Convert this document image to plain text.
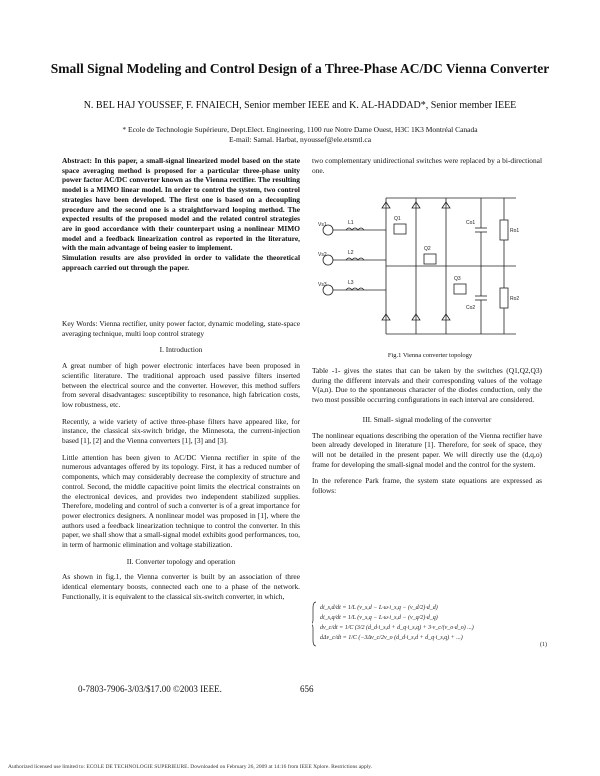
Small Signal Modeling and Control Design of a Three-Phase AC/DC Vienna Converter
N. BEL HAJ YOUSSEF, F. FNAIECH, Senior member IEEE and K. AL-HADDAD*, Senior member IEEE
* Ecole de Technologie Supérieure, Dept.Elect. Engineering, 1100 rue Notre Dame Ouest, H3C 1K3 Montréal Canada
E-mail: Samal. Harbat, nyoussef@ele.etsmtl.ca

Abstract: In this paper, a small-signal linearized model based on the state space averaging method is proposed for a particular three-phase unity power factor AC/DC converter known as the Vienna rectifier. The resulting model is a MIMO linear model. In order to control the system, two control strategies have been developed. The first one is based on a decoupling procedure and the second one is a straightforward looping method. The expected results of the proposed model and the related control strategies are in good accordance with their counterpart using a nonlinear MIMO model and a feedback linearization control as reported in the literature, with the main advantage of being easier to implement.

Simulation results are also provided in order to validate the theoretical approach carried out through the paper.

Key Words: Vienna rectifier, unity power factor, dynamic modeling, state-space averaging technique, multi loop control strategy

I. Introduction

A great number of high power electronic interfaces have been proposed in scientific literature. The traditional approach used passive filters inserted between the electrical source and the converter. However, this method suffers from several disadvantages: susceptibility to resonance, high fabrication costs, low robustness, etc.

Recently, a wide variety of active three-phase filters have appeared like, for instance, the classical six-switch bridge, the Minnesota, the current-injection based [1], [2] and the Vienna converters [1], [3] and [3].

Little attention has been given to AC/DC Vienna rectifier in spite of the numerous advantages offered by its topology. First, it has a reduced number of components, which may considerably decrease the complexity of structure and control. Second, the middle capacitive point limits the electrical constraints on the electronical devices, and provides two independent stabilized supplies. Therefore, modeling and control of such a converter is of a great importance for power electronics designers. A nonlinear model was proposed in [1], where the authors used a feedback linearization technique to control the converter. In this paper, we shall show that a small-signal model exhibits good performances, too, in term of harmonic elimination and voltage stabilization.

II. Converter topology and operation

As shown in fig.1, the Vienna converter is built by an association of three identical elementary boosts, connected each one to a phase of the network. Functionally, it is equivalent to the classical six-switch converter, in which,

two complementary unidirectional switches were replaced by a bi-directional one.

Vs1
Vs2
Vs3
L1
L2
L3
Q1
Q2
Q3
Co1
Co2
Ro1
Ro2
Fig.1 Vienna converter topology

Table -1- gives the states that can be taken by the switches (Q1,Q2,Q3) during the different intervals and their corresponding values of the voltage V(a,n). Due to the spontaneous character of the diodes conduction, only the two most possible occurring configurations in each interval are considered.

III. Small- signal modeling of the converter

The nonlinear equations describing the operation of the Vienna rectifier have been already developed in literature [1]. Therefore, for seek of space, they will not be detailed in the present paper. We will directly use the (d,q,o) frame for developing the small-signal model and the control for the system.

In the reference Park frame, the system state equations are expressed as follows:

di_s,d/dt = 1/L (v_s,d − L·ω·i_s,q − (v_d/2)·d_d)
di_s,q/dt = 1/L (v_s,q − L·ω·i_s,d − (v_q/2)·d_q)
dv_c/dt = 1/C (3/2 (d_d·i_s,d + d_q·i_s,q) + 3·v_c/(v_o·d_o) ...)
dΔv_c/dt = 1/C (−3Δv_c/2v_o (d_d·i_s,d + d_q·i_s,q) + ...)
(1)
0-7803-7906-3/03/$17.00 ©2003 IEEE.	656
Authorized licensed use limited to: ECOLE DE TECHNOLOGIE SUPERIEURE. Downloaded on February 26, 2009 at 14:16 from IEEE Xplore. Restrictions apply.
